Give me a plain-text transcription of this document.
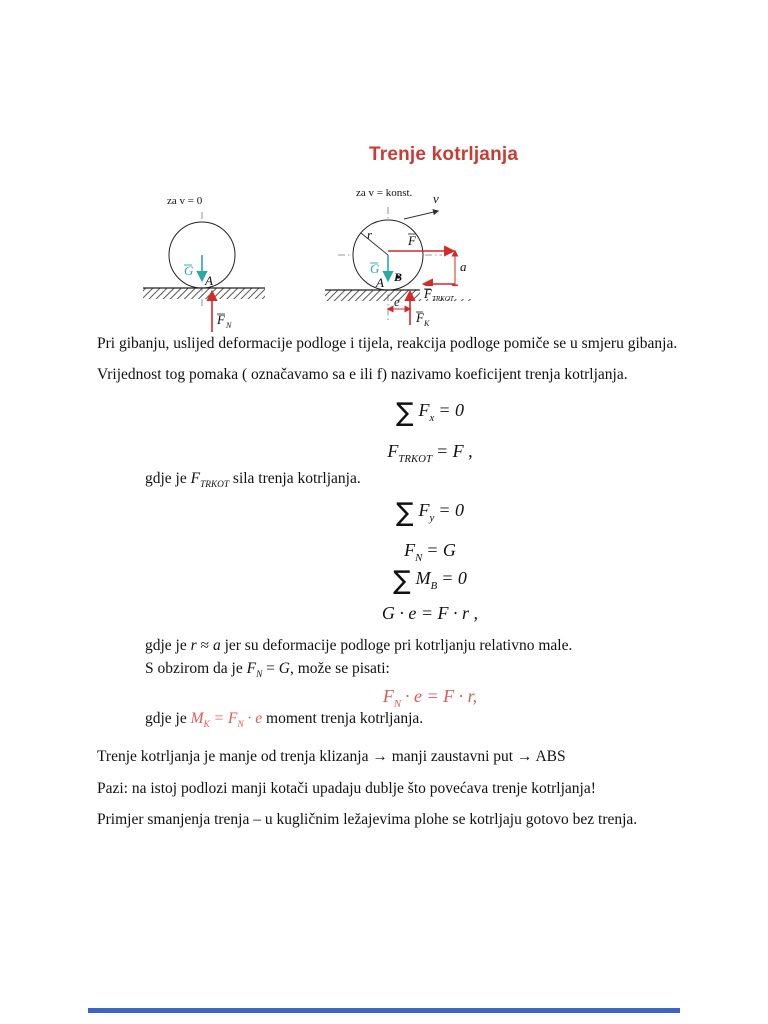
Trenje kotrljanja
za v = 0
G
A
F N
za v = konst. v
r	F
G
B
A
a
F TRKOT
e
F K
Pri gibanju, uslijed deformacije podloge i tijela, reakcija podloge pomiče se u smjeru gibanja.
Vrijednost tog pomaka ( označavamo sa e ili f) nazivamo koeficijent trenja kotrljanja.
∑ $F_x = 0$
$F_{TRKOT} = F$ ,
gdje je $F_{TRKOT}$ sila trenja kotrljanja.
∑ $F_y = 0$
$F_N = G$
∑ $M_B = 0$
G · e = F · r ,
gdje je r ≈ a jer su deformacije podloge pri kotrljanju relativno male.
S obzirom da je $F_N = G$, može se pisati:
$F_N \cdot e = F \cdot r$,
gdje je $M_K = F_N \cdot e$ moment trenja kotrljanja.
Trenje kotrljanja je manje od trenja klizanja → manji zaustavni put → ABS
Pazi: na istoj podlozi manji kotači upadaju dublje što povećava trenje kotrljanja!
Primjer smanjenja trenja – u kugličnim ležajevima plohe se kotrljaju gotovo bez trenja.
